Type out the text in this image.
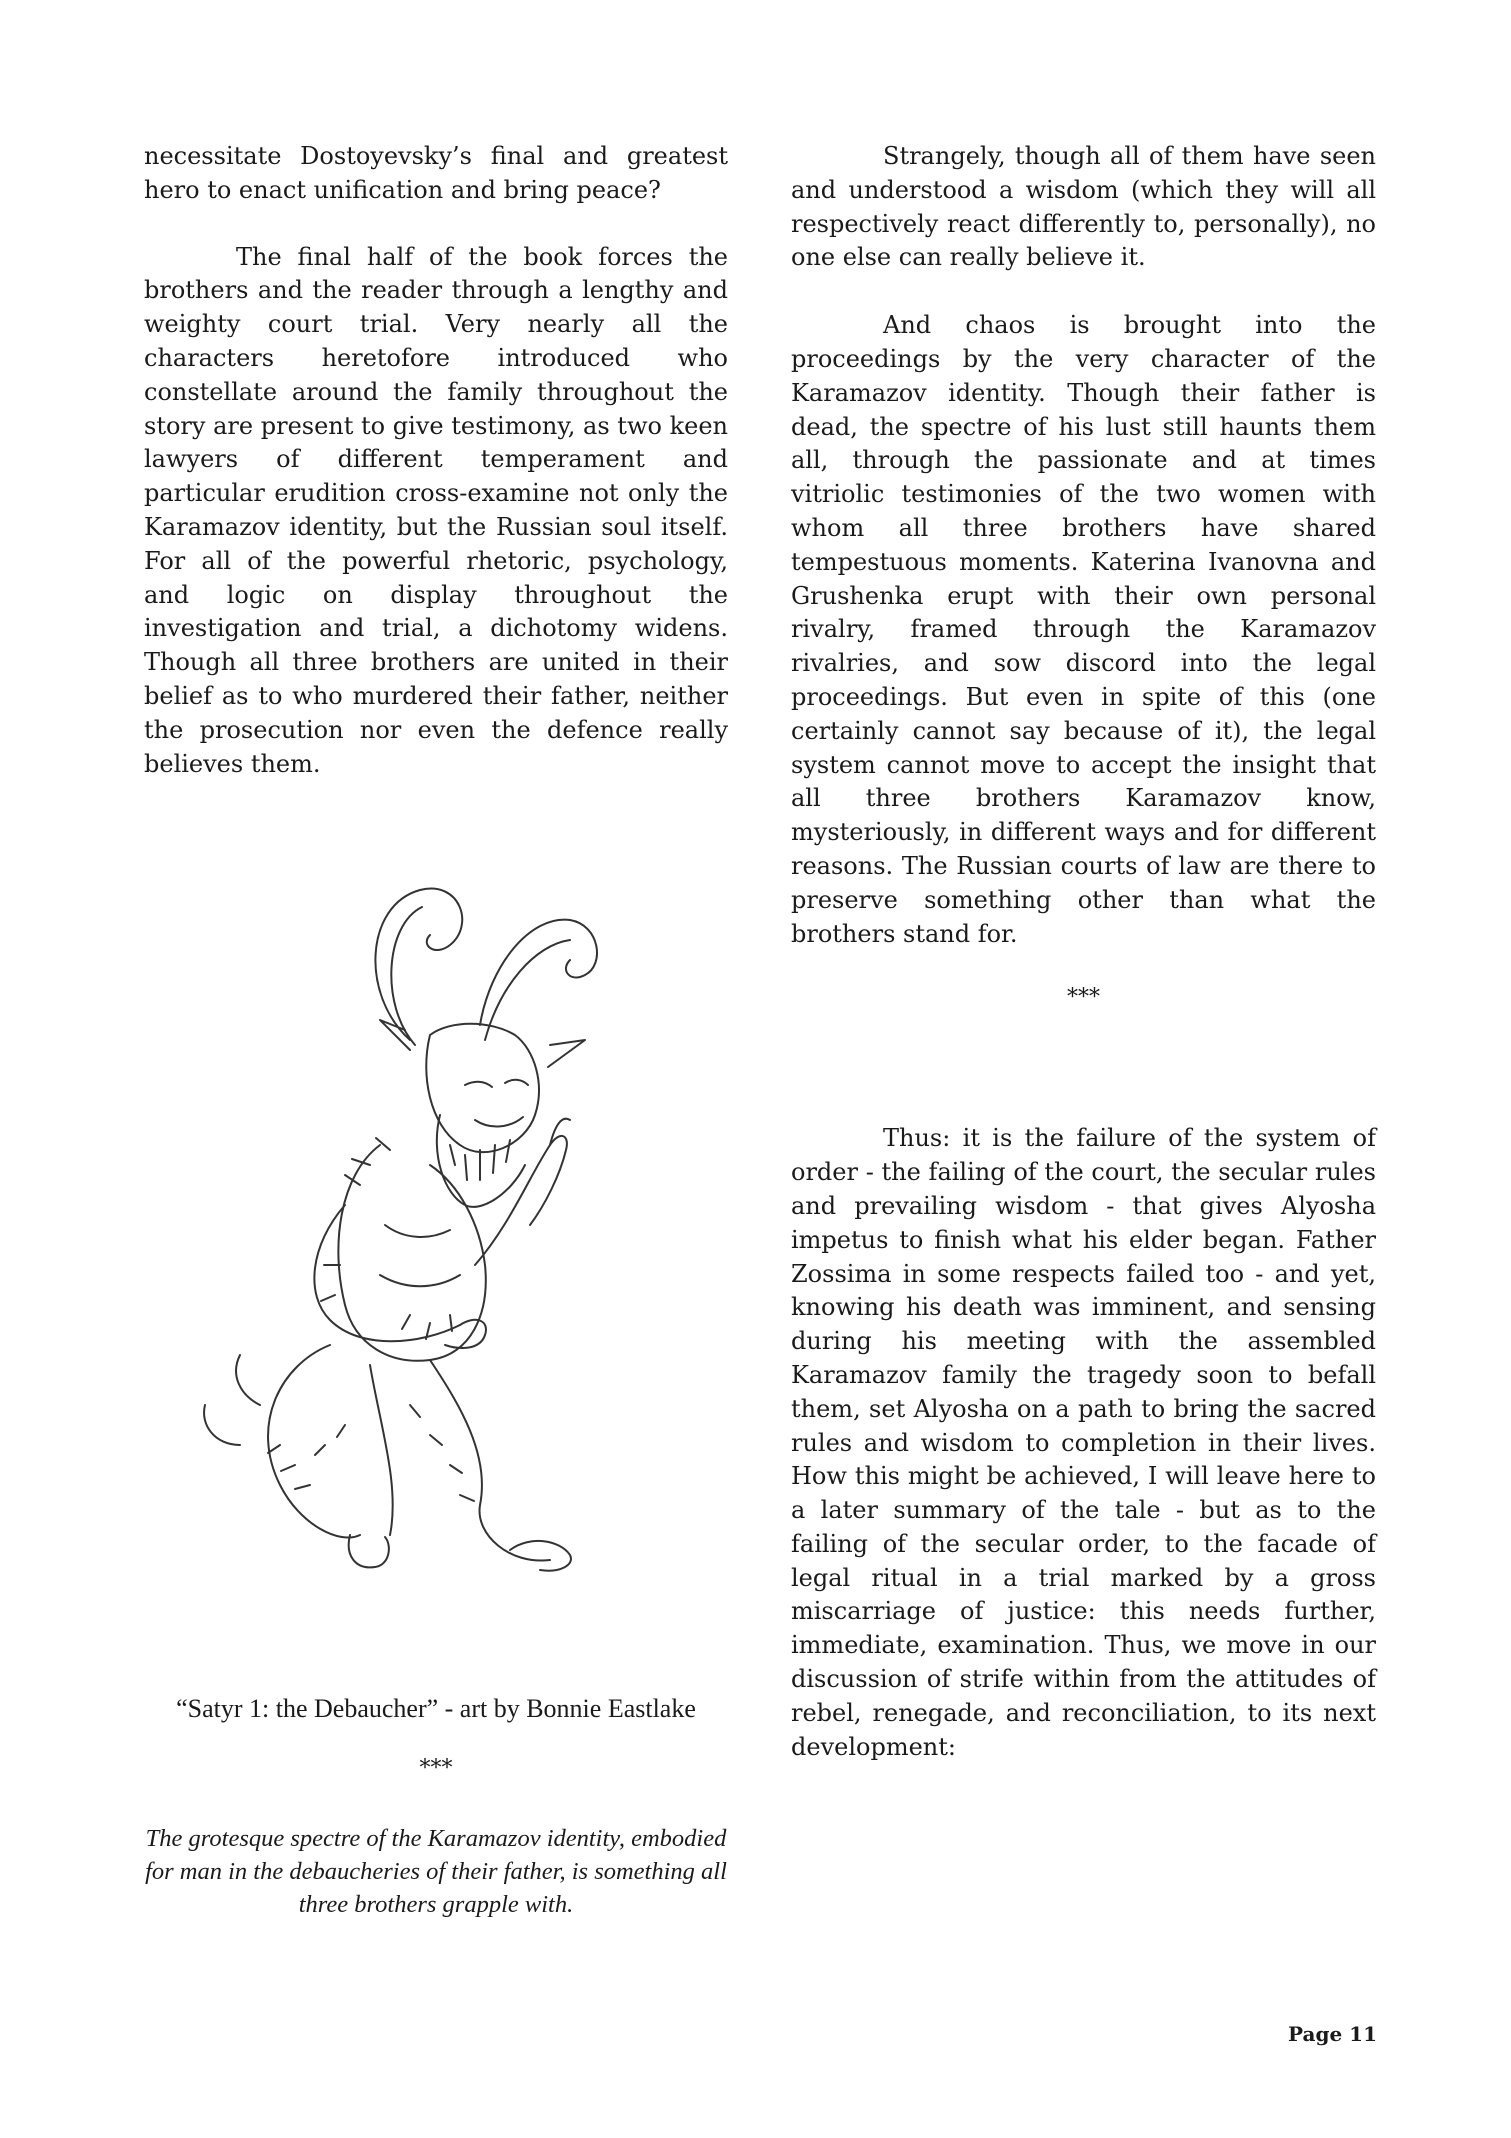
necessitate Dostoyevsky’s final and greatest hero to enact unification and bring peace?

The final half of the book forces the brothers and the reader through a lengthy and weighty court trial. Very nearly all the characters heretofore introduced who constellate around the family throughout the story are present to give testimony, as two keen lawyers of different temperament and particular erudition cross-examine not only the Karamazov identity, but the Russian soul itself. For all of the powerful rhetoric, psychology, and logic on display throughout the investigation and trial, a dichotomy widens. Though all three brothers are united in their belief as to who murdered their father, neither the prosecution nor even the defence really believes them.

“Satyr 1: the Debaucher” - art by Bonnie Eastlake
***
The grotesque spectre of the Karamazov identity, embodied for man in the debaucheries of their father, is something all three brothers grapple with.

Strangely, though all of them have seen and understood a wisdom (which they will all respectively react differently to, personally), no one else can really believe it.

And chaos is brought into the proceedings by the very character of the Karamazov identity. Though their father is dead, the spectre of his lust still haunts them all, through the passionate and at times vitriolic testimonies of the two women with whom all three brothers have shared tempestuous moments. Katerina Ivanovna and Grushenka erupt with their own personal rivalry, framed through the Karamazov rivalries, and sow discord into the legal proceedings. But even in spite of this (one certainly cannot say because of it), the legal system cannot move to accept the insight that all three brothers Karamazov know, mysteriously, in different ways and for different reasons. The Russian courts of law are there to preserve something other than what the brothers stand for.

Thus: it is the failure of the system of order - the failing of the court, the secular rules and prevailing wisdom - that gives Alyosha impetus to finish what his elder began. Father Zossima in some respects failed too - and yet, knowing his death was imminent, and sensing during his meeting with the assembled Karamazov family the tragedy soon to befall them, set Alyosha on a path to bring the sacred rules and wisdom to completion in their lives. How this might be achieved, I will leave here to a later summary of the tale - but as to the failing of the secular order, to the facade of legal ritual in a trial marked by a gross miscarriage of justice: this needs further, immediate, examination. Thus, we move in our discussion of strife within from the attitudes of rebel, renegade, and reconciliation, to its next development:

***
Page 11
